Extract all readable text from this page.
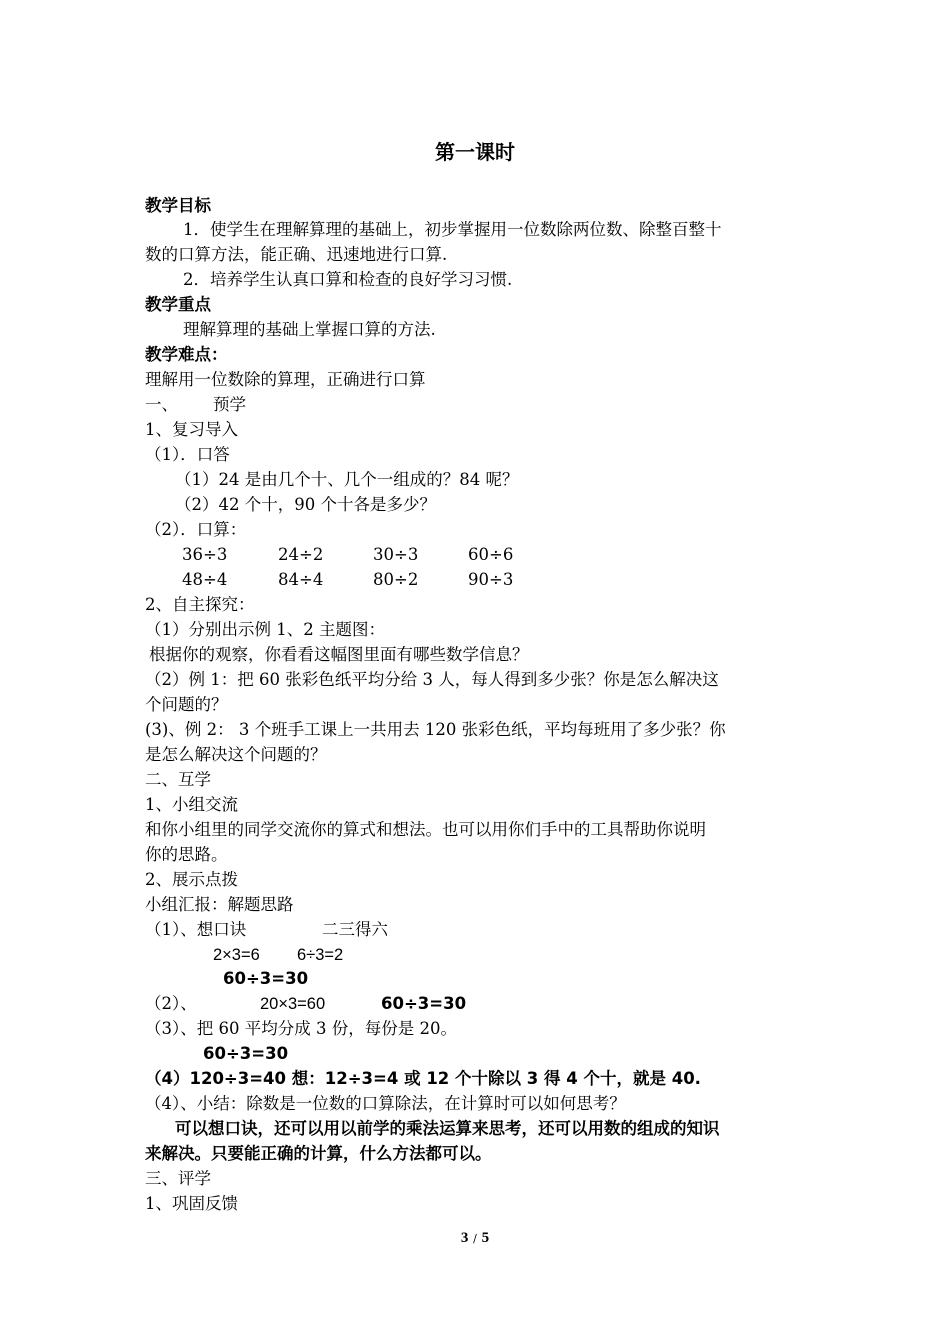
第一课时
教学目标
1．使学生在理解算理的基础上，初步掌握用一位数除两位数、除整百整十
数的口算方法，能正确、迅速地进行口算.
2．培养学生认真口算和检查的良好学习习惯.
教学重点
理解算理的基础上掌握口算的方法.
教学难点：
理解用一位数除的算理，正确进行口算
一、 预学
1、复习导入
（1）．口答
（1）24 是由几个十、几个一组成的？84 呢？
（2）42 个十，90 个十各是多少？
（2）．口算：
36÷3	24÷2	30÷3	60÷6
48÷4	84÷4	80÷2	90÷3
2、自主探究：
（1）分别出示例 1、2 主题图：
根据你的观察，你看看这幅图里面有哪些数学信息？
（2）例 1：把 60 张彩色纸平均分给 3 人，每人得到多少张？你是怎么解决这
个问题的？
(3)、例 2： 3 个班手工课上一共用去 120 张彩色纸，平均每班用了多少张？你
是怎么解决这个问题的？
二、互学
1、小组交流
和你小组里的同学交流你的算式和想法。也可以用你们手中的工具帮助你说明
你的思路。
2、展示点拨
小组汇报：解题思路
（1）、想口诀	二三得六
2×3=6 6÷3=2
60÷3=30
（2）、	20×3=60	60÷3=30
（3）、把 60 平均分成 3 份，每份是 20。
60÷3=30
（4）120÷3=40 想：12÷3=4 或 12 个十除以 3 得 4 个十，就是 40.
（4）、小结：除数是一位数的口算除法，在计算时可以如何思考？
可以想口诀，还可以用以前学的乘法运算来思考，还可以用数的组成的知识
来解决。只要能正确的计算，什么方法都可以。
三、评学
1、巩固反馈
3 / 5
